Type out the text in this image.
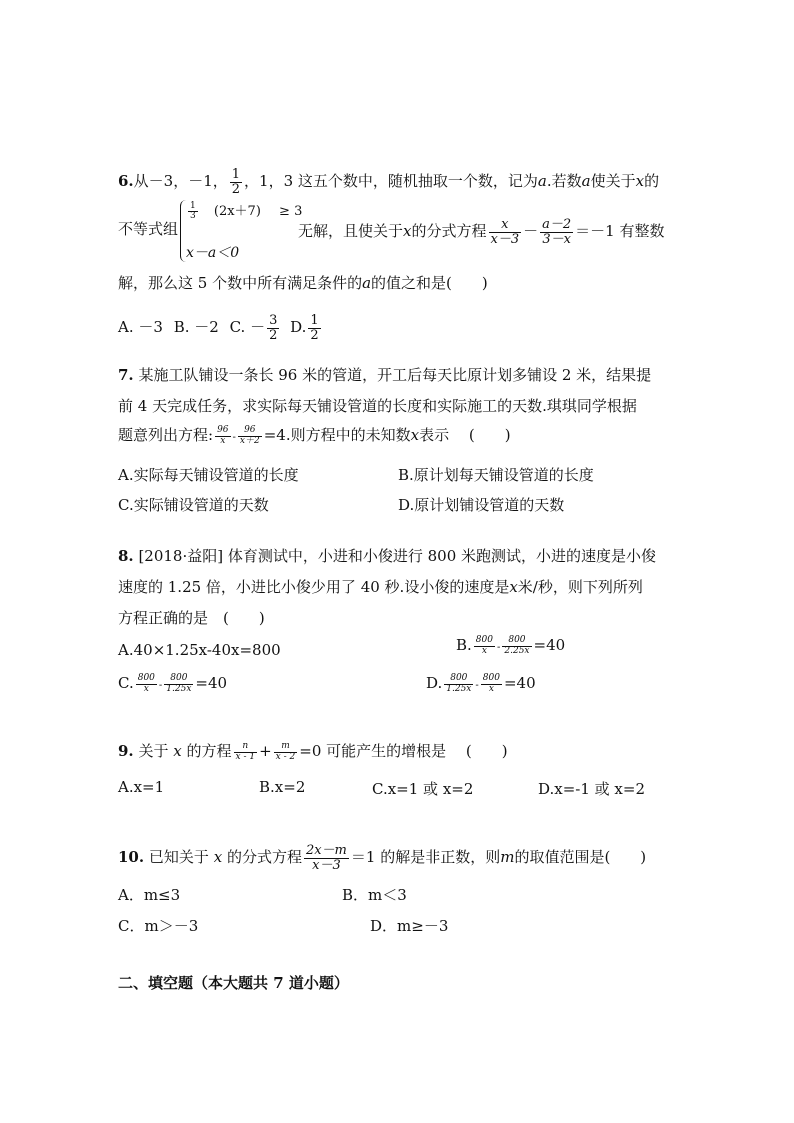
6.从－3，－1， $\frac{1}{2}$ ，1，3 这五个数中，随机抽取一个数，记为a.若数a使关于x的
不等式组
$\frac{1}{3} (2x+7) \ge 3$
x－a＜0
无解，且使关于x的分式方程 $\frac{x}{x-3} - \frac{a-2}{3-x} =-1$ 有整数
解，那么这 5 个数中所有满足条件的a的值之和是(　　)
A. －3 B. －2 C. － $\frac{3}{2} D$. $\frac{1}{2}$
7. 某施工队铺设一条长 96 米的管道，开工后每天比原计划多铺设 2 米，结果提
前 4 天完成任务，求实际每天铺设管道的长度和实际施工的天数.琪琪同学根据
题意列出方程: $\frac{96}{x} - \frac{96}{x+2} =4$.则方程中的未知数x表示　 (　　)
A.实际每天铺设管道的长度	B.原计划每天铺设管道的长度
C.实际铺设管道的天数	D.原计划铺设管道的天数
8. [2018·益阳] 体育测试中，小进和小俊进行 800 米跑测试，小进的速度是小俊
速度的 1.25 倍，小进比小俊少用了 40 秒.设小俊的速度是x米/秒，则下列所列
方程正确的是　(　　)
A.40×1.25x-40x=800	B. $\frac{800}{x} - \frac{800}{2.25x} =40$
C. $\frac{800}{x} - \frac{800}{1.25x} =40$	D. $\frac{800}{1.25x} - \frac{800}{x} =40$
9. 关于 x 的方程 $\frac{n}{x - 1} + \frac{m}{x - 2} =0$ 可能产生的增根是　 (　　)
A.x=1	B.x=2	C.x=1 或 x=2	D.x=-1 或 x=2
10. 已知关于 x 的分式方程 $\frac{2x-m}{x-3} =1$ 的解是非正数，则m的取值范围是(　　)
A．m≤3	B．m＜3
C．m＞－3	D．m≥－3
二、填空题（本大题共 7 道小题）
